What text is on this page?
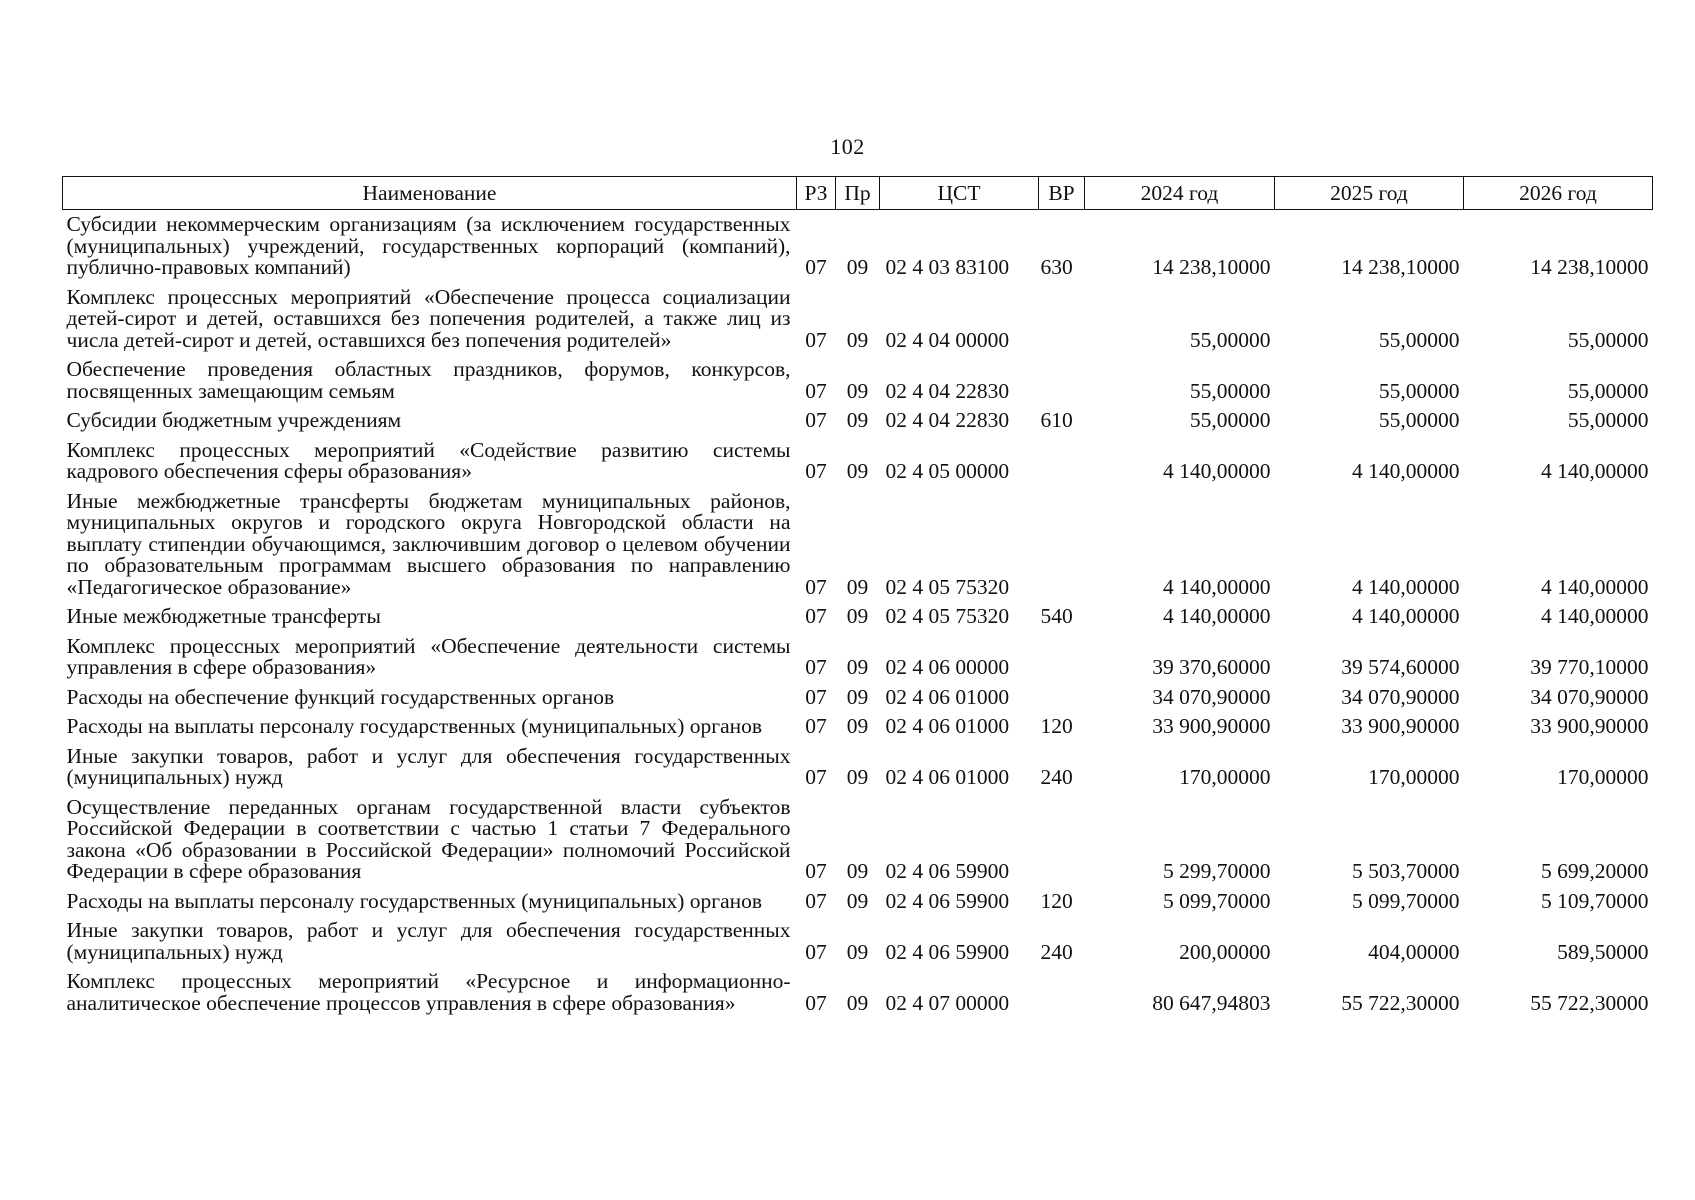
102
Наименование	РЗ	Пр	ЦСТ	ВР	2024 год	2025 год	2026 год
Субсидии некоммерческим организациям (за исключением государственных (муниципальных) учреждений, государственных корпораций (компаний), публично-правовых компаний)	07	09	02 4 03 83100	630	14 238,10000	14 238,10000	14 238,10000
Комплекс процессных мероприятий «Обеспечение процесса социализации детей-сирот и детей, оставшихся без попечения родителей, а также лиц из числа детей-сирот и детей, оставшихся без попечения родителей»	07	09	02 4 04 00000		55,00000	55,00000	55,00000
Обеспечение проведения областных праздников, форумов, конкурсов, посвященных замещающим семьям	07	09	02 4 04 22830		55,00000	55,00000	55,00000
Субсидии бюджетным учреждениям	07	09	02 4 04 22830	610	55,00000	55,00000	55,00000
Комплекс процессных мероприятий «Содействие развитию системы кадрового обеспечения сферы образования»	07	09	02 4 05 00000		4 140,00000	4 140,00000	4 140,00000
Иные межбюджетные трансферты бюджетам муниципальных районов, муниципальных округов и городского округа Новгородской области на выплату стипендии обучающимся, заключившим договор о целевом обучении по образовательным программам высшего образования по направлению «Педагогическое образование»	07	09	02 4 05 75320		4 140,00000	4 140,00000	4 140,00000
Иные межбюджетные трансферты	07	09	02 4 05 75320	540	4 140,00000	4 140,00000	4 140,00000
Комплекс процессных мероприятий «Обеспечение деятельности системы управления в сфере образования»	07	09	02 4 06 00000		39 370,60000	39 574,60000	39 770,10000
Расходы на обеспечение функций государственных органов	07	09	02 4 06 01000		34 070,90000	34 070,90000	34 070,90000
Расходы на выплаты персоналу государственных (муниципальных) органов	07	09	02 4 06 01000	120	33 900,90000	33 900,90000	33 900,90000
Иные закупки товаров, работ и услуг для обеспечения государственных (муниципальных) нужд	07	09	02 4 06 01000	240	170,00000	170,00000	170,00000
Осуществление переданных органам государственной власти субъектов Российской Федерации в соответствии с частью 1 статьи 7 Федерального закона «Об образовании в Российской Федерации» полномочий Российской Федерации в сфере образования	07	09	02 4 06 59900		5 299,70000	5 503,70000	5 699,20000
Расходы на выплаты персоналу государственных (муниципальных) органов	07	09	02 4 06 59900	120	5 099,70000	5 099,70000	5 109,70000
Иные закупки товаров, работ и услуг для обеспечения государственных (муниципальных) нужд	07	09	02 4 06 59900	240	200,00000	404,00000	589,50000
Комплекс процессных мероприятий «Ресурсное и информационно-аналитическое обеспечение процессов управления в сфере образования»	07	09	02 4 07 00000		80 647,94803	55 722,30000	55 722,30000
